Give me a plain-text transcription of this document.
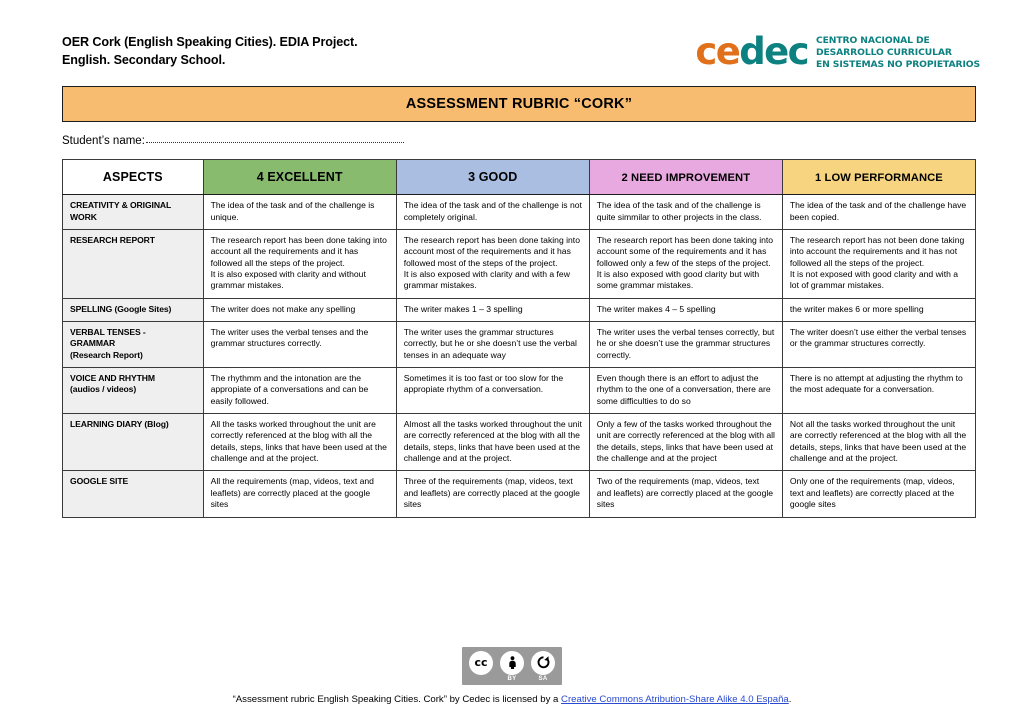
OER Cork (English Speaking Cities). EDIA Project.
English. Secondary School.	cedec CENTRO NACIONAL DE
DESARROLLO CURRICULAR
EN SISTEMAS NO PROPIETARIOS
ASSESSMENT RUBRIC “CORK”
Student’s name:
ASPECTS	4 EXCELLENT	3 GOOD	2 NEED IMPROVEMENT	1 LOW PERFORMANCE

CREATIVITY & ORIGINAL
WORK	The idea of the task and of the challenge is unique.	The idea of the task and of the challenge is not completely original.	The idea of the task and of the challenge is quite simmilar to other projects in the class.	The idea of the task and of the challenge have been copied.

RESEARCH REPORT	The research report has been done taking into account all the requirements and it has followed all the steps of the project.
It is also exposed with clarity and without grammar mistakes.	The research report has been done taking into account most of the requirements and it has followed most of the steps of the project.
It is also exposed with clarity and with a few grammar mistakes.	The research report has been done taking into account some of the requirements and it has followed only a few of the steps of the project.
It is also exposed with good clarity but with some grammar mistakes.	The research report has not been done taking into account the requirements and it has not followed all the steps of the project.
It is not exposed with good clarity and with a lot of grammar mistakes.

SPELLING (Google Sites)	The writer does not make any spelling	The writer makes 1 – 3 spelling	The writer makes 4 – 5 spelling	the writer makes 6 or more spelling

VERBAL TENSES -
GRAMMAR
(Research Report)	The writer uses the verbal tenses and the grammar structures correctly.	The writer uses the grammar structures correctly, but he or she doesn’t use the verbal tenses in an adequate way	The writer uses the verbal tenses correctly, but he or she doesn’t use the grammar structures correctly.	The writer doesn’t use either the verbal tenses or the grammar structures correctly.

VOICE AND RHYTHM
(audios / videos)	The rhythmm and the intonation are the appropiate of a conversations and can be easily followed.	Sometimes it is too fast or too slow for the appropiate rhythm of a conversation.	Even though there is an effort to adjust the rhythm to the one of a conversation, there are some difficulties to do so	There is no attempt at adjusting the rhythm to the most adequate for a conversation.

LEARNING DIARY (Blog)	All the tasks worked throughout the unit are correctly referenced at the blog with all the details, steps, links that have been used at the challenge and at the project.	Almost all the tasks worked throughout the unit are correctly referenced at the blog with all the details, steps, links that have been used at the challenge and at the project.	Only a few of the tasks worked throughout the unit are correctly referenced at the blog with all the details, steps, links that have been used at the challenge and at the project	Not all the tasks worked throughout the unit are correctly referenced at the blog with all the details, steps, links that have been used at the challenge and at the project.

GOOGLE SITE	All the requirements (map, videos, text and leaflets) are correctly placed at the google sites	Three of the requirements (map, videos, text and leaflets) are correctly placed at the google sites	Two of the requirements (map, videos, text and leaflets) are correctly placed at the google sites	Only one of the requirements (map, videos, text and leaflets) are correctly placed at the google sites
cc
BY	SA
“Assessment rubric English Speaking Cities. Cork” by Cedec is licensed by a Creative Commons Atribution-Share Alike 4.0 España.
